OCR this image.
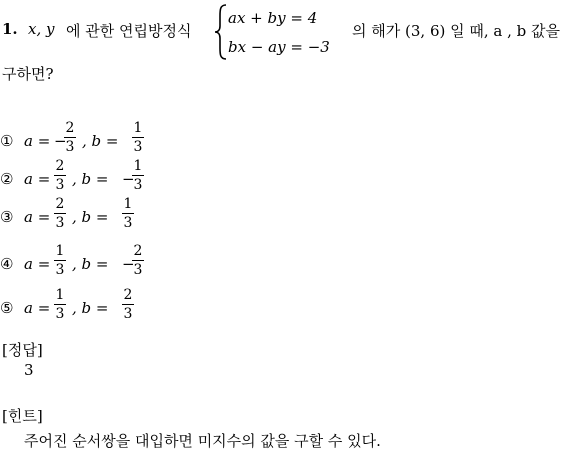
1. x, y 에 관한 연립방정식
ax + by = 4
bx − ay = −3
의 해가 (3, 6) 일 때, a , b 값을
구하면?
① a = −
2
3 , b =
1
3
② a =
2
3 , b = −
1
3
③ a =
2
3 , b =
1
3
④ a =
1
3 , b = −
2
3
⑤ a =
1
3 , b =
2
3
[정답]
3
[힌트]
주어진 순서쌍을 대입하면 미지수의 값을 구할 수 있다.
